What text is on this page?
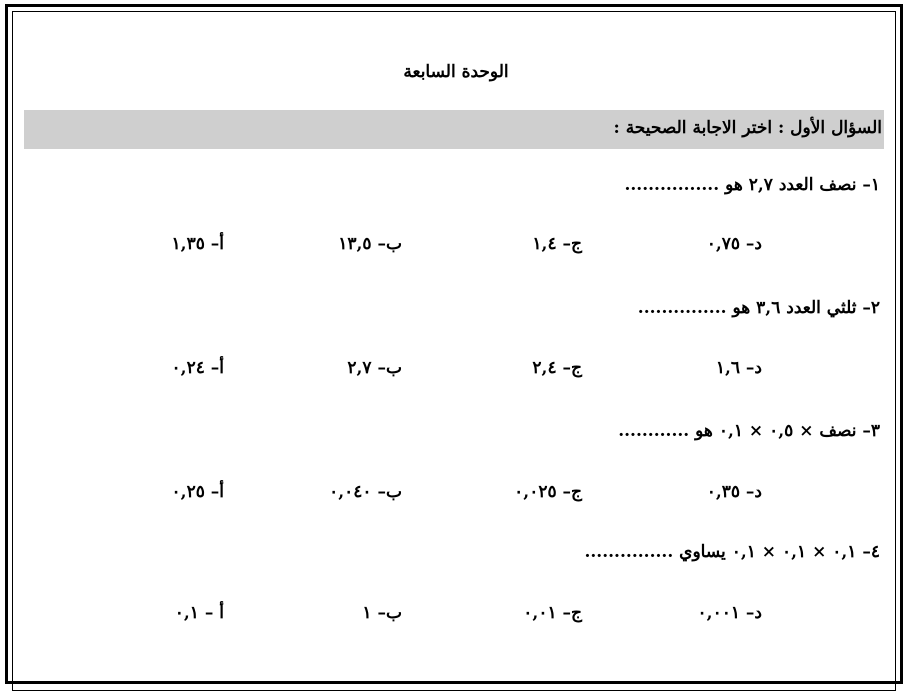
الوحدة السابعة
السؤال الأول : اختر الاجابة الصحيحة :
١– نصف العدد ٢,٧ هو ................
أ– ١,٣٥	ب– ١٣,٥	ج– ١,٤	د– ٠,٧٥
٢– ثلثي العدد ٣,٦ هو ...............
أ– ٠,٢٤	ب– ٢,٧	ج– ٢,٤	د– ١,٦
٣– نصف × ٠,٥ × ٠,١ هو ............
أ– ٠,٢٥	ب– ٠,٠٤٠	ج– ٠,٠٢٥	د– ٠,٣٥
٤– ٠,١ × ٠,١ × ٠,١ يساوي ...............
أ – ٠,١	ب– ١	ج– ٠,٠١	د– ٠,٠٠١
